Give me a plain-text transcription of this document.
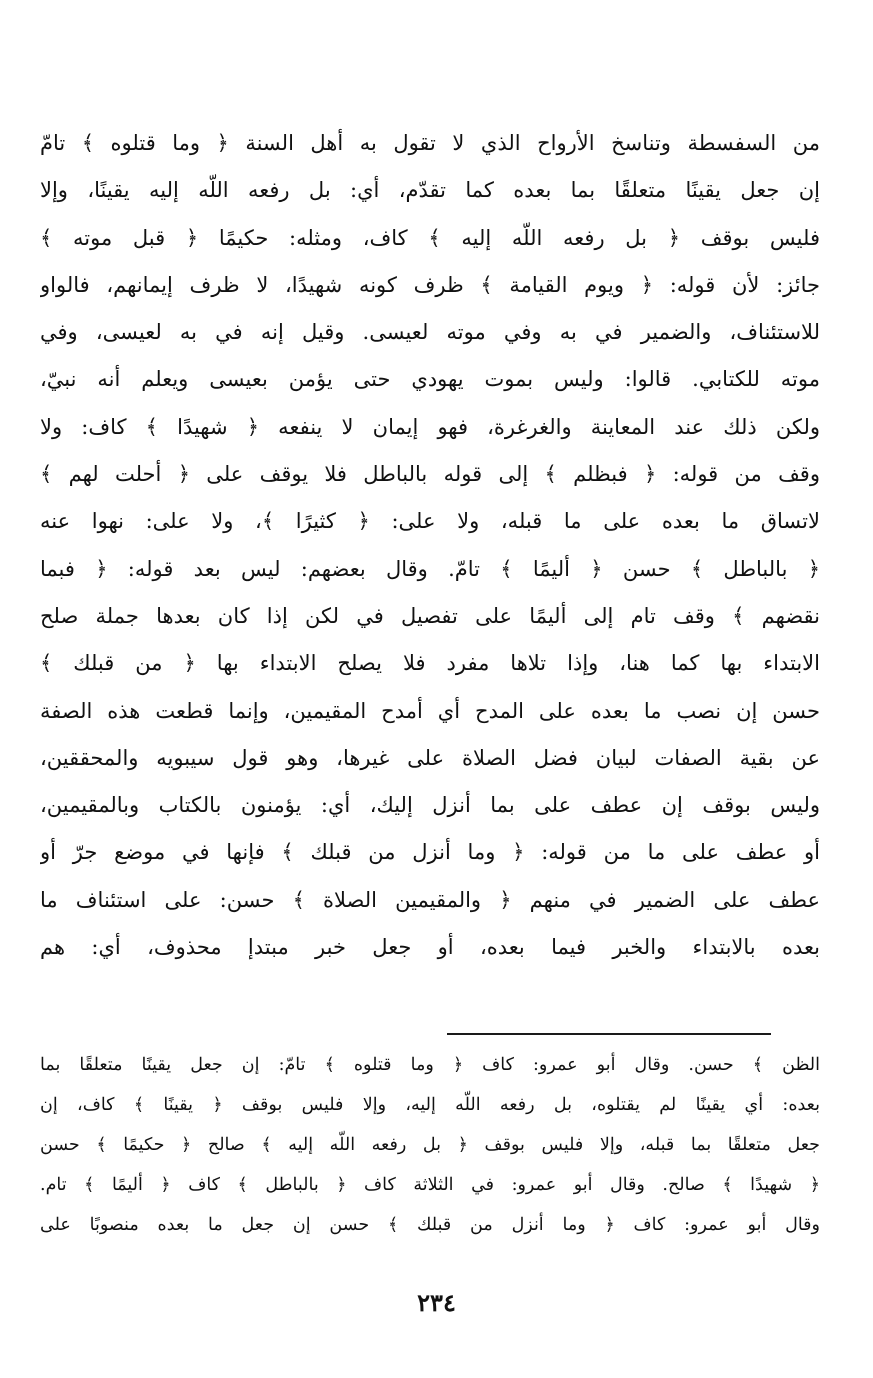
من السفسطة وتناسخ الأرواح الذي لا تقول به أهل السنة ﴿ وما قتلوه ﴾ تامّ
إن جعل يقينًا متعلقًا بما بعده كما تقدّم، أي: بل رفعه اللّه إليه يقينًا، وإلا
فليس بوقف ﴿ بل رفعه اللّه إليه ﴾ كاف، ومثله: حكيمًا ﴿ قبل موته ﴾
جائز: لأن قوله: ﴿ ويوم القيامة ﴾ ظرف كونه شهيدًا، لا ظرف إيمانهم، فالواو
للاستئناف، والضمير في به وفي موته لعيسى. وقيل إنه في به لعيسى، وفي
موته للكتابي. قالوا: وليس بموت يهودي حتى يؤمن بعيسى ويعلم أنه نبيّ،
ولكن ذلك عند المعاينة والغرغرة، فهو إيمان لا ينفعه ﴿ شهيدًا ﴾ كاف: ولا
وقف من قوله: ﴿ فبظلم ﴾ إلى قوله بالباطل فلا يوقف على ﴿ أحلت لهم ﴾
لاتساق ما بعده على ما قبله، ولا على: ﴿ كثيرًا ﴾، ولا على: نهوا عنه
﴿ بالباطل ﴾ حسن ﴿ أليمًا ﴾ تامّ. وقال بعضهم: ليس بعد قوله: ﴿ فبما
نقضهم ﴾ وقف تام إلى أليمًا على تفصيل في لكن إذا كان بعدها جملة صلح
الابتداء بها كما هنا، وإذا تلاها مفرد فلا يصلح الابتداء بها ﴿ من قبلك ﴾
حسن إن نصب ما بعده على المدح أي أمدح المقيمين، وإنما قطعت هذه الصفة
عن بقية الصفات لبيان فضل الصلاة على غيرها، وهو قول سيبويه والمحققين،
وليس بوقف إن عطف على بما أنزل إليك، أي: يؤمنون بالكتاب وبالمقيمين،
أو عطف على ما من قوله: ﴿ وما أنزل من قبلك ﴾ فإنها في موضع جرّ أو
عطف على الضمير في منهم ﴿ والمقيمين الصلاة ﴾ حسن: على استئناف ما
بعده بالابتداء والخبر فيما بعده، أو جعل خبر مبتدإ محذوف، أي: هم
الظن ﴾ حسن. وقال أبو عمرو: كاف ﴿ وما قتلوه ﴾ تامّ: إن جعل يقينًا متعلقًا بما
بعده: أي يقينًا لم يقتلوه، بل رفعه اللّه إليه، وإلا فليس بوقف ﴿ يقينًا ﴾ كاف، إن
جعل متعلقًا بما قبله، وإلا فليس بوقف ﴿ بل رفعه اللّه إليه ﴾ صالح ﴿ حكيمًا ﴾ حسن
﴿ شهيدًا ﴾ صالح. وقال أبو عمرو: في الثلاثة كاف ﴿ بالباطل ﴾ كاف ﴿ أليمًا ﴾ تام.
وقال أبو عمرو: كاف ﴿ وما أنزل من قبلك ﴾ حسن إن جعل ما بعده منصوبًا على
٢٣٤
